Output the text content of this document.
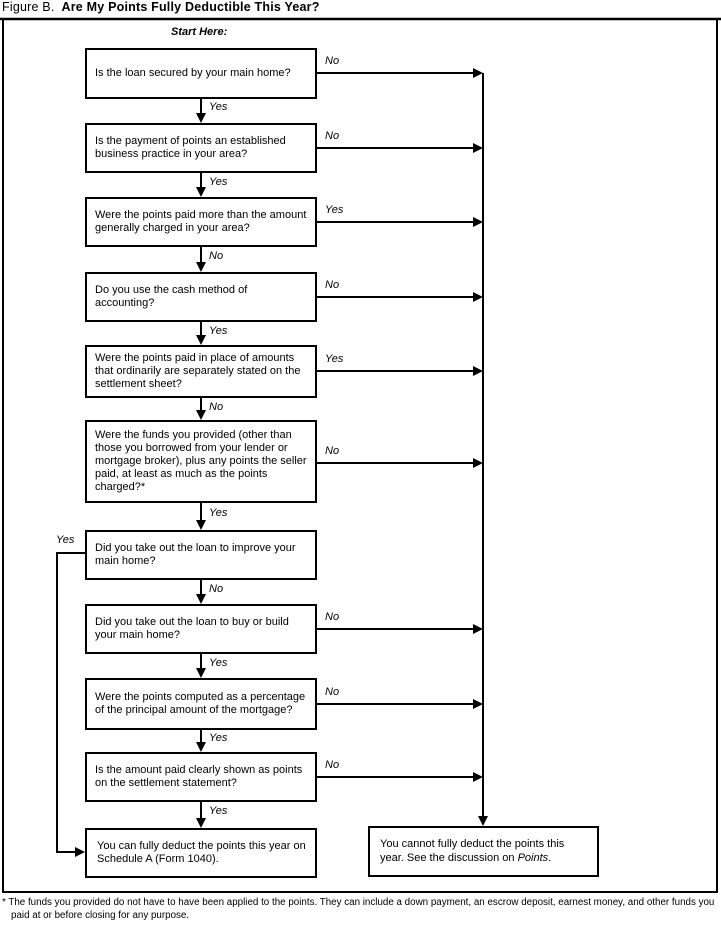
Figure B. Are My Points Fully Deductible This Year?
Start Here:
Is the loan secured by your main home?
Is the payment of points an established business practice in your area?
Were the points paid more than the amount generally charged in your area?
Do you use the cash method of accounting?
Were the points paid in place of amounts that ordinarily are separately stated on the settlement sheet?
Were the funds you provided (other than those you borrowed from your lender or mortgage broker), plus any points the seller paid, at least as much as the points charged?*
Did you take out the loan to improve your main home?
Did you take out the loan to buy or build your main home?
Were the points computed as a percentage of the principal amount of the mortgage?
Is the amount paid clearly shown as points on the settlement statement?
You can fully deduct the points this year on Schedule A (Form 1040).
You cannot fully deduct the points this year. See the discussion on Points.
No
No
Yes
No
Yes
No
Yes
No
No
No
Yes
Yes
No
Yes
No
Yes
No
Yes
Yes
Yes
* The funds you provided do not have to have been applied to the points. They can include a down payment, an escrow deposit, earnest money, and other funds you paid at or before closing for any purpose.
